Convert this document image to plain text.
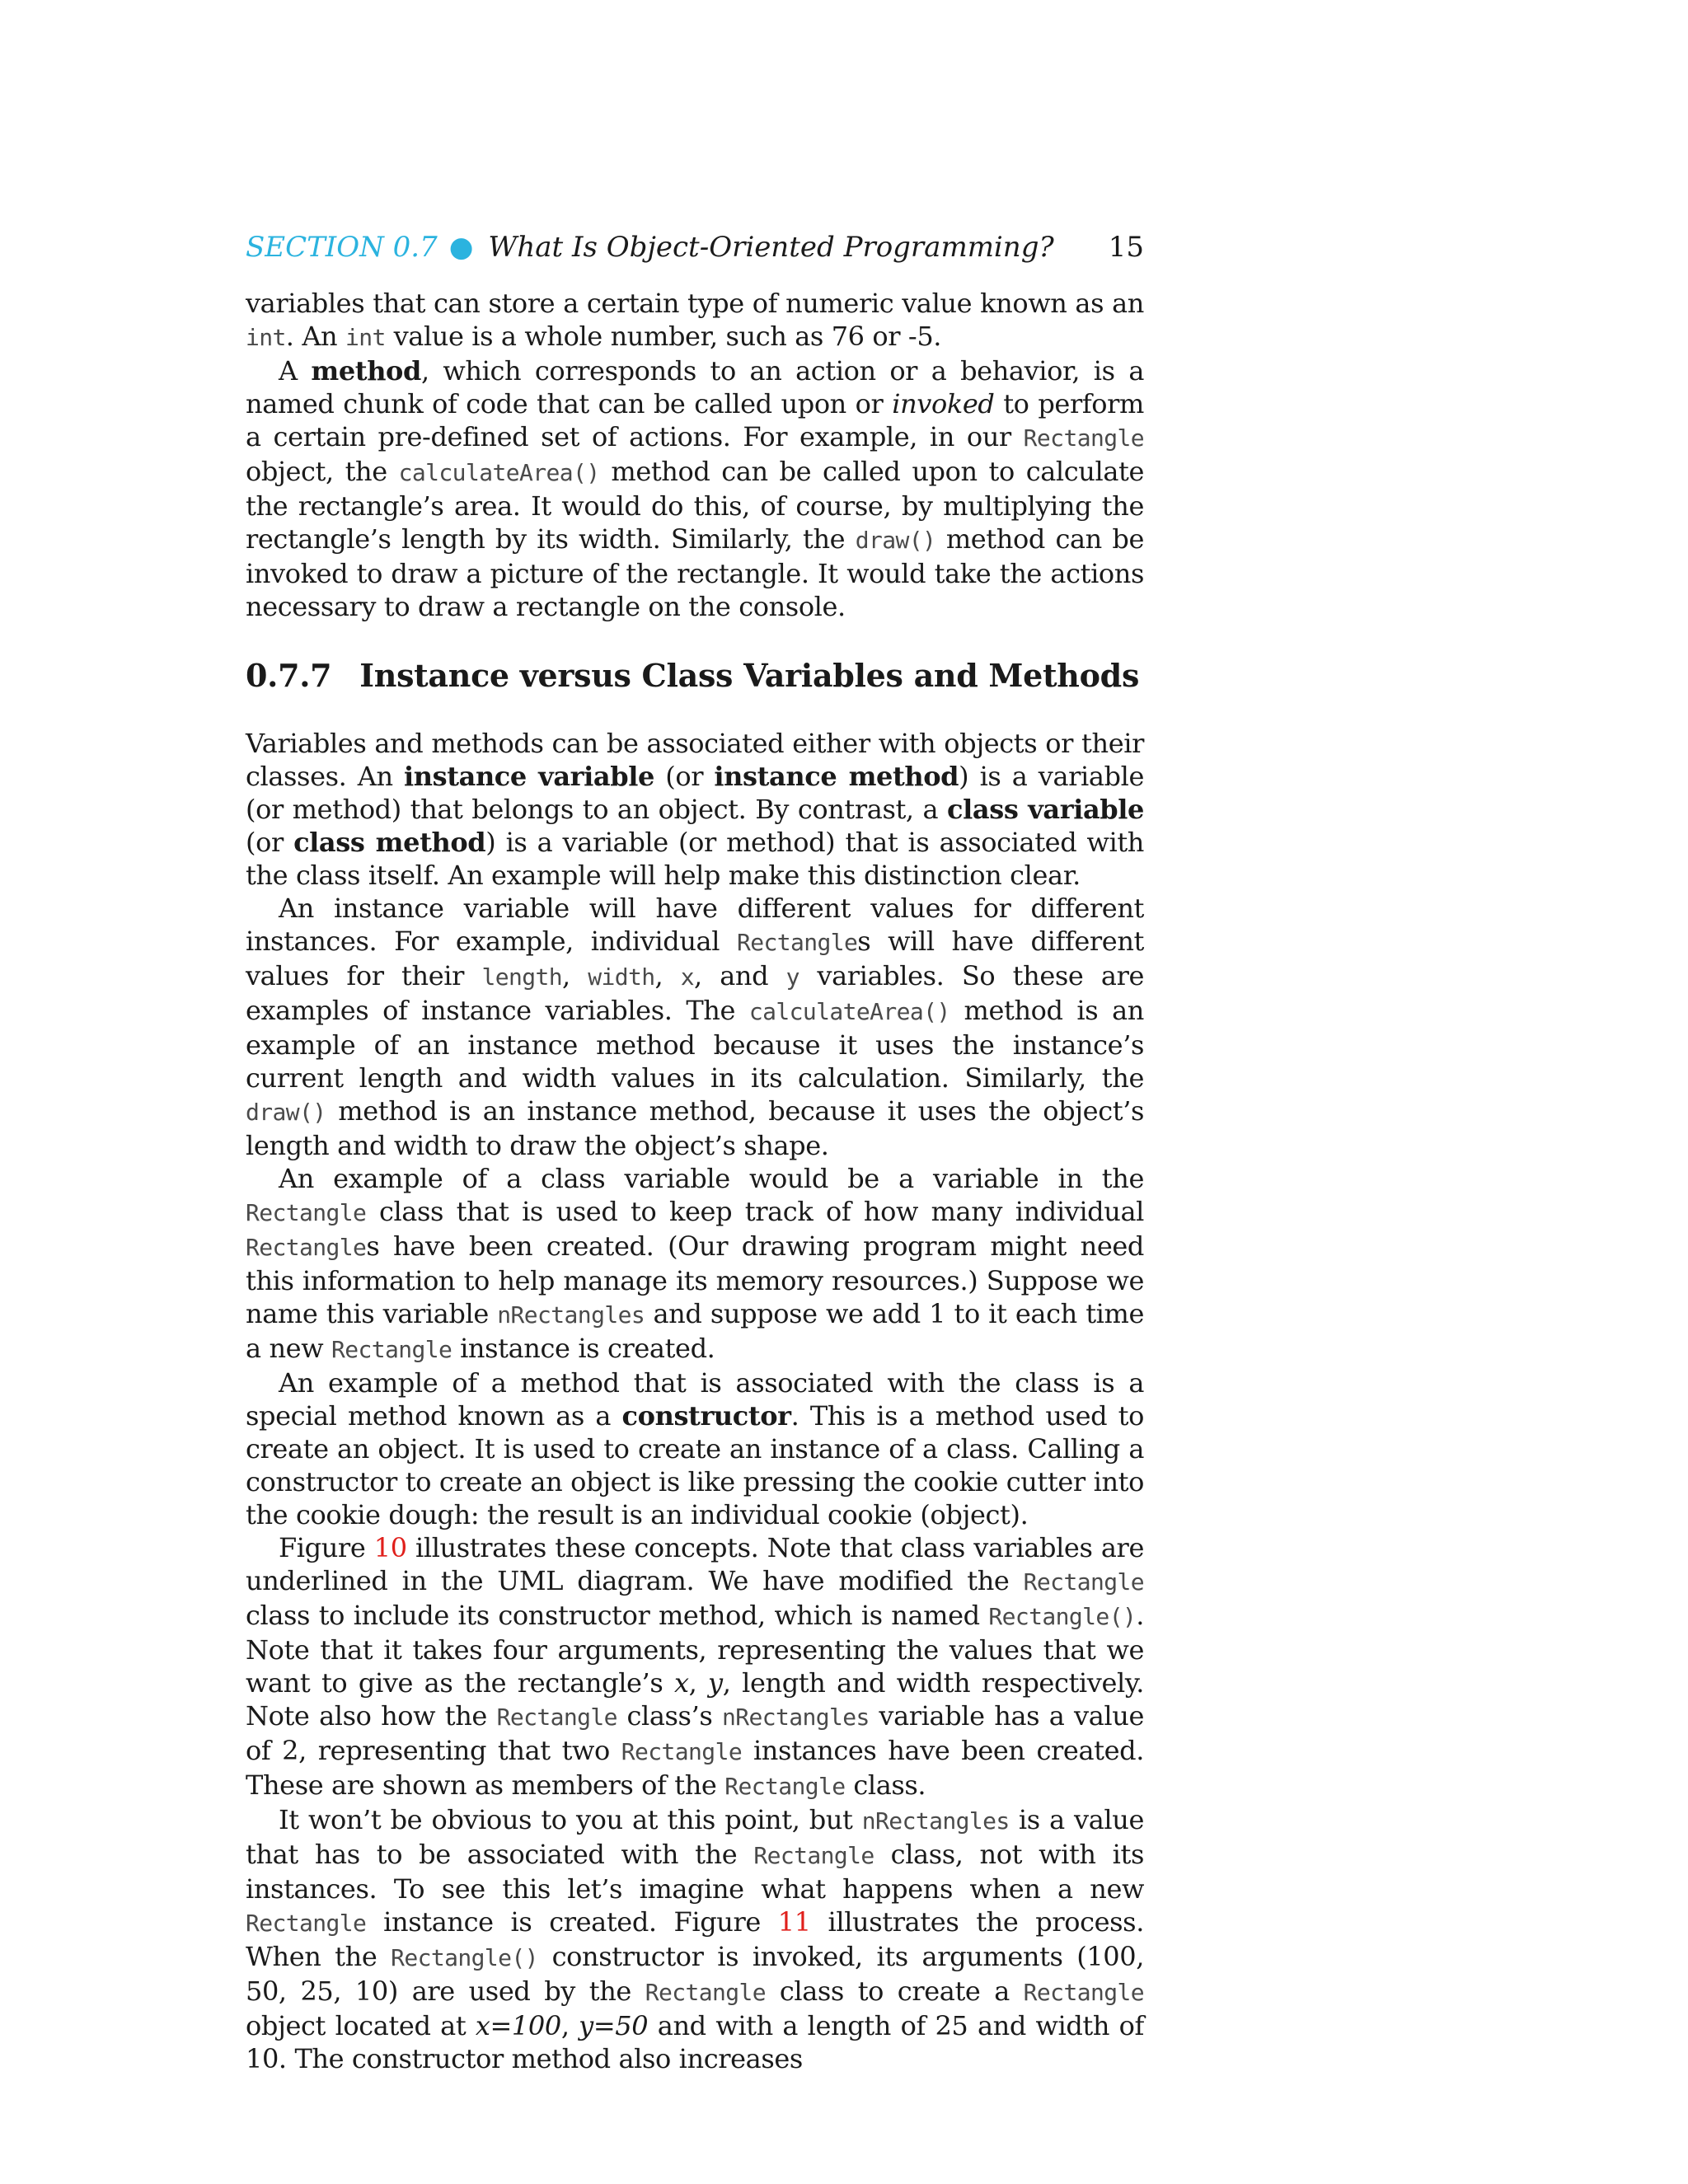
SECTION 0.7 ● What Is Object-Oriented Programming? 15

variables that can store a certain type of numeric value known as an int. An int value is a whole number, such as 76 or -5.

A method, which corresponds to an action or a behavior, is a named chunk of code that can be called upon or invoked to perform a certain pre-defined set of actions. For example, in our Rectangle object, the calculateArea() method can be called upon to calculate the rectangle’s area. It would do this, of course, by multiplying the rectangle’s length by its width. Similarly, the draw() method can be invoked to draw a picture of the rectangle. It would take the actions necessary to draw a rectangle on the console.

0.7.7 Instance versus Class Variables and Methods

Variables and methods can be associated either with objects or their classes. An instance variable (or instance method) is a variable (or method) that belongs to an object. By contrast, a class variable (or class method) is a variable (or method) that is associated with the class itself. An example will help make this distinction clear.

An instance variable will have different values for different instances. For example, individual Rectangles will have different values for their length, width, x, and y variables. So these are examples of instance variables. The calculateArea() method is an example of an instance method because it uses the instance’s current length and width values in its calculation. Similarly, the draw() method is an instance method, because it uses the object’s length and width to draw the object’s shape.

An example of a class variable would be a variable in the Rectangle class that is used to keep track of how many individual Rectangles have been created. (Our drawing program might need this information to help manage its memory resources.) Suppose we name this variable nRectangles and suppose we add 1 to it each time a new Rectangle instance is created.

An example of a method that is associated with the class is a special method known as a constructor. This is a method used to create an object. It is used to create an instance of a class. Calling a constructor to create an object is like pressing the cookie cutter into the cookie dough: the result is an individual cookie (object).

Figure 10 illustrates these concepts. Note that class variables are underlined in the UML diagram. We have modified the Rectangle class to include its constructor method, which is named Rectangle(). Note that it takes four arguments, representing the values that we want to give as the rectangle’s x, y, length and width respectively. Note also how the Rectangle class’s nRectangles variable has a value of 2, representing that two Rectangle instances have been created. These are shown as members of the Rectangle class.

It won’t be obvious to you at this point, but nRectangles is a value that has to be associated with the Rectangle class, not with its instances. To see this let’s imagine what happens when a new Rectangle instance is created. Figure 11 illustrates the process. When the Rectangle() constructor is invoked, its arguments (100, 50, 25, 10) are used by the Rectangle class to create a Rectangle object located at x=100, y=50 and with a length of 25 and width of 10. The constructor method also increases
